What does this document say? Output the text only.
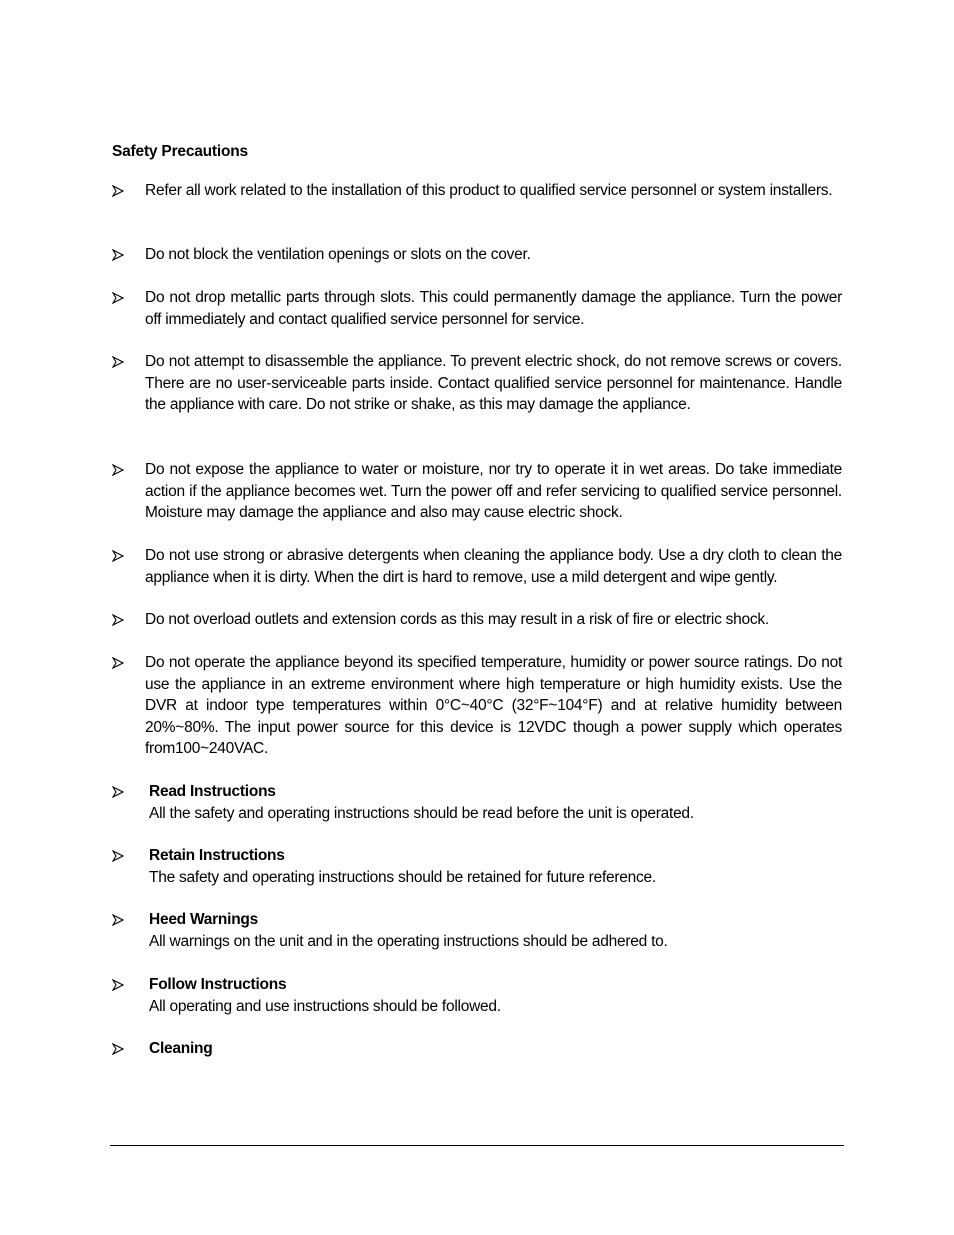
Safety Precautions
Refer all work related to the installation of this product to qualified service personnel or system installers.
Do not block the ventilation openings or slots on the cover.
Do not drop metallic parts through slots. This could permanently damage the appliance. Turn the power off immediately and contact qualified service personnel for service.
Do not attempt to disassemble the appliance. To prevent electric shock, do not remove screws or covers. There are no user-serviceable parts inside. Contact qualified service personnel for maintenance. Handle the appliance with care. Do not strike or shake, as this may damage the appliance.
Do not expose the appliance to water or moisture, nor try to operate it in wet areas. Do take immediate action if the appliance becomes wet. Turn the power off and refer servicing to qualified service personnel. Moisture may damage the appliance and also may cause electric shock.
Do not use strong or abrasive detergents when cleaning the appliance body. Use a dry cloth to clean the appliance when it is dirty. When the dirt is hard to remove, use a mild detergent and wipe gently.
Do not overload outlets and extension cords as this may result in a risk of fire or electric shock.
Do not operate the appliance beyond its specified temperature, humidity or power source ratings. Do not use the appliance in an extreme environment where high temperature or high humidity exists. Use the DVR at indoor type temperatures within 0°C~40°C (32°F~104°F) and at relative humidity between 20%~80%. The input power source for this device is 12VDC though a power supply which operates from100~240VAC.
Read Instructions
All the safety and operating instructions should be read before the unit is operated.
Retain Instructions
The safety and operating instructions should be retained for future reference.
Heed Warnings
All warnings on the unit and in the operating instructions should be adhered to.
Follow Instructions
All operating and use instructions should be followed.
Cleaning
